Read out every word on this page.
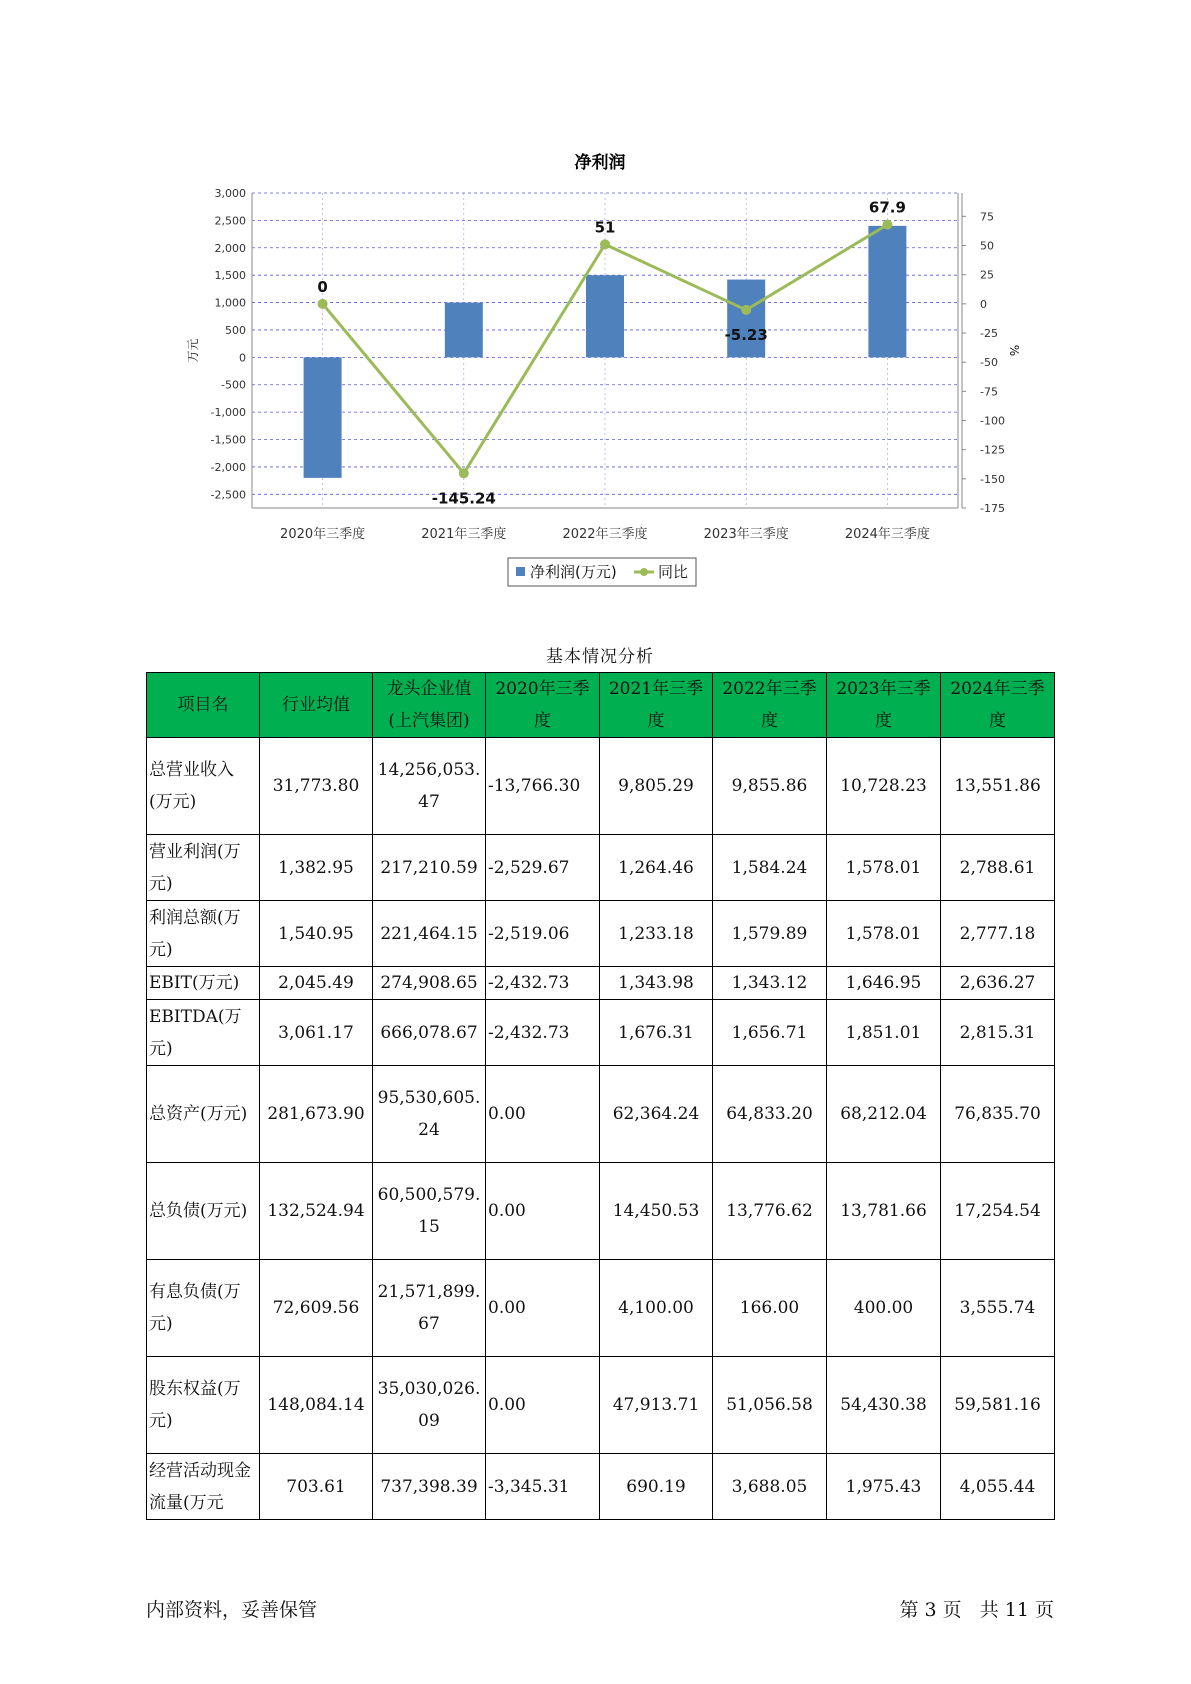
净利润
3,000
2,500
2,000
1,500
1,000
500
0
-500
-1,000
-1,500
-2,000
-2,500
75
50
25
0
-25
-50
-75
-100
-125
-150
-175
2020年三季度	2021年三季度	2022年三季度	2023年三季度	2024年三季度
万元	%
0
-145.24
51
-5.23
67.9
净利润(万元)	同比
基本情况分析
项目名	行业均值	龙头企业值(上汽集团)	2020年三季度	2021年三季度	2022年三季度	2023年三季度	2024年三季度
总营业收入(万元)	31,773.80	14,256,053.47	-13,766.30	9,805.29	9,855.86	10,728.23	13,551.86
营业利润(万元)	1,382.95	217,210.59	-2,529.67	1,264.46	1,584.24	1,578.01	2,788.61
利润总额(万元)	1,540.95	221,464.15	-2,519.06	1,233.18	1,579.89	1,578.01	2,777.18
EBIT(万元)	2,045.49	274,908.65	-2,432.73	1,343.98	1,343.12	1,646.95	2,636.27
EBITDA(万元)	3,061.17	666,078.67	-2,432.73	1,676.31	1,656.71	1,851.01	2,815.31
总资产(万元)	281,673.90	95,530,605.24	0.00	62,364.24	64,833.20	68,212.04	76,835.70
总负债(万元)	132,524.94	60,500,579.15	0.00	14,450.53	13,776.62	13,781.66	17,254.54
有息负债(万元)	72,609.56	21,571,899.67	0.00	4,100.00	166.00	400.00	3,555.74
股东权益(万元)	148,084.14	35,030,026.09	0.00	47,913.71	51,056.58	54,430.38	59,581.16
经营活动现金流量(万元	703.61	737,398.39	-3,345.31	690.19	3,688.05	1,975.43	4,055.44
内部资料，妥善保管	第 3 页   共 11 页
